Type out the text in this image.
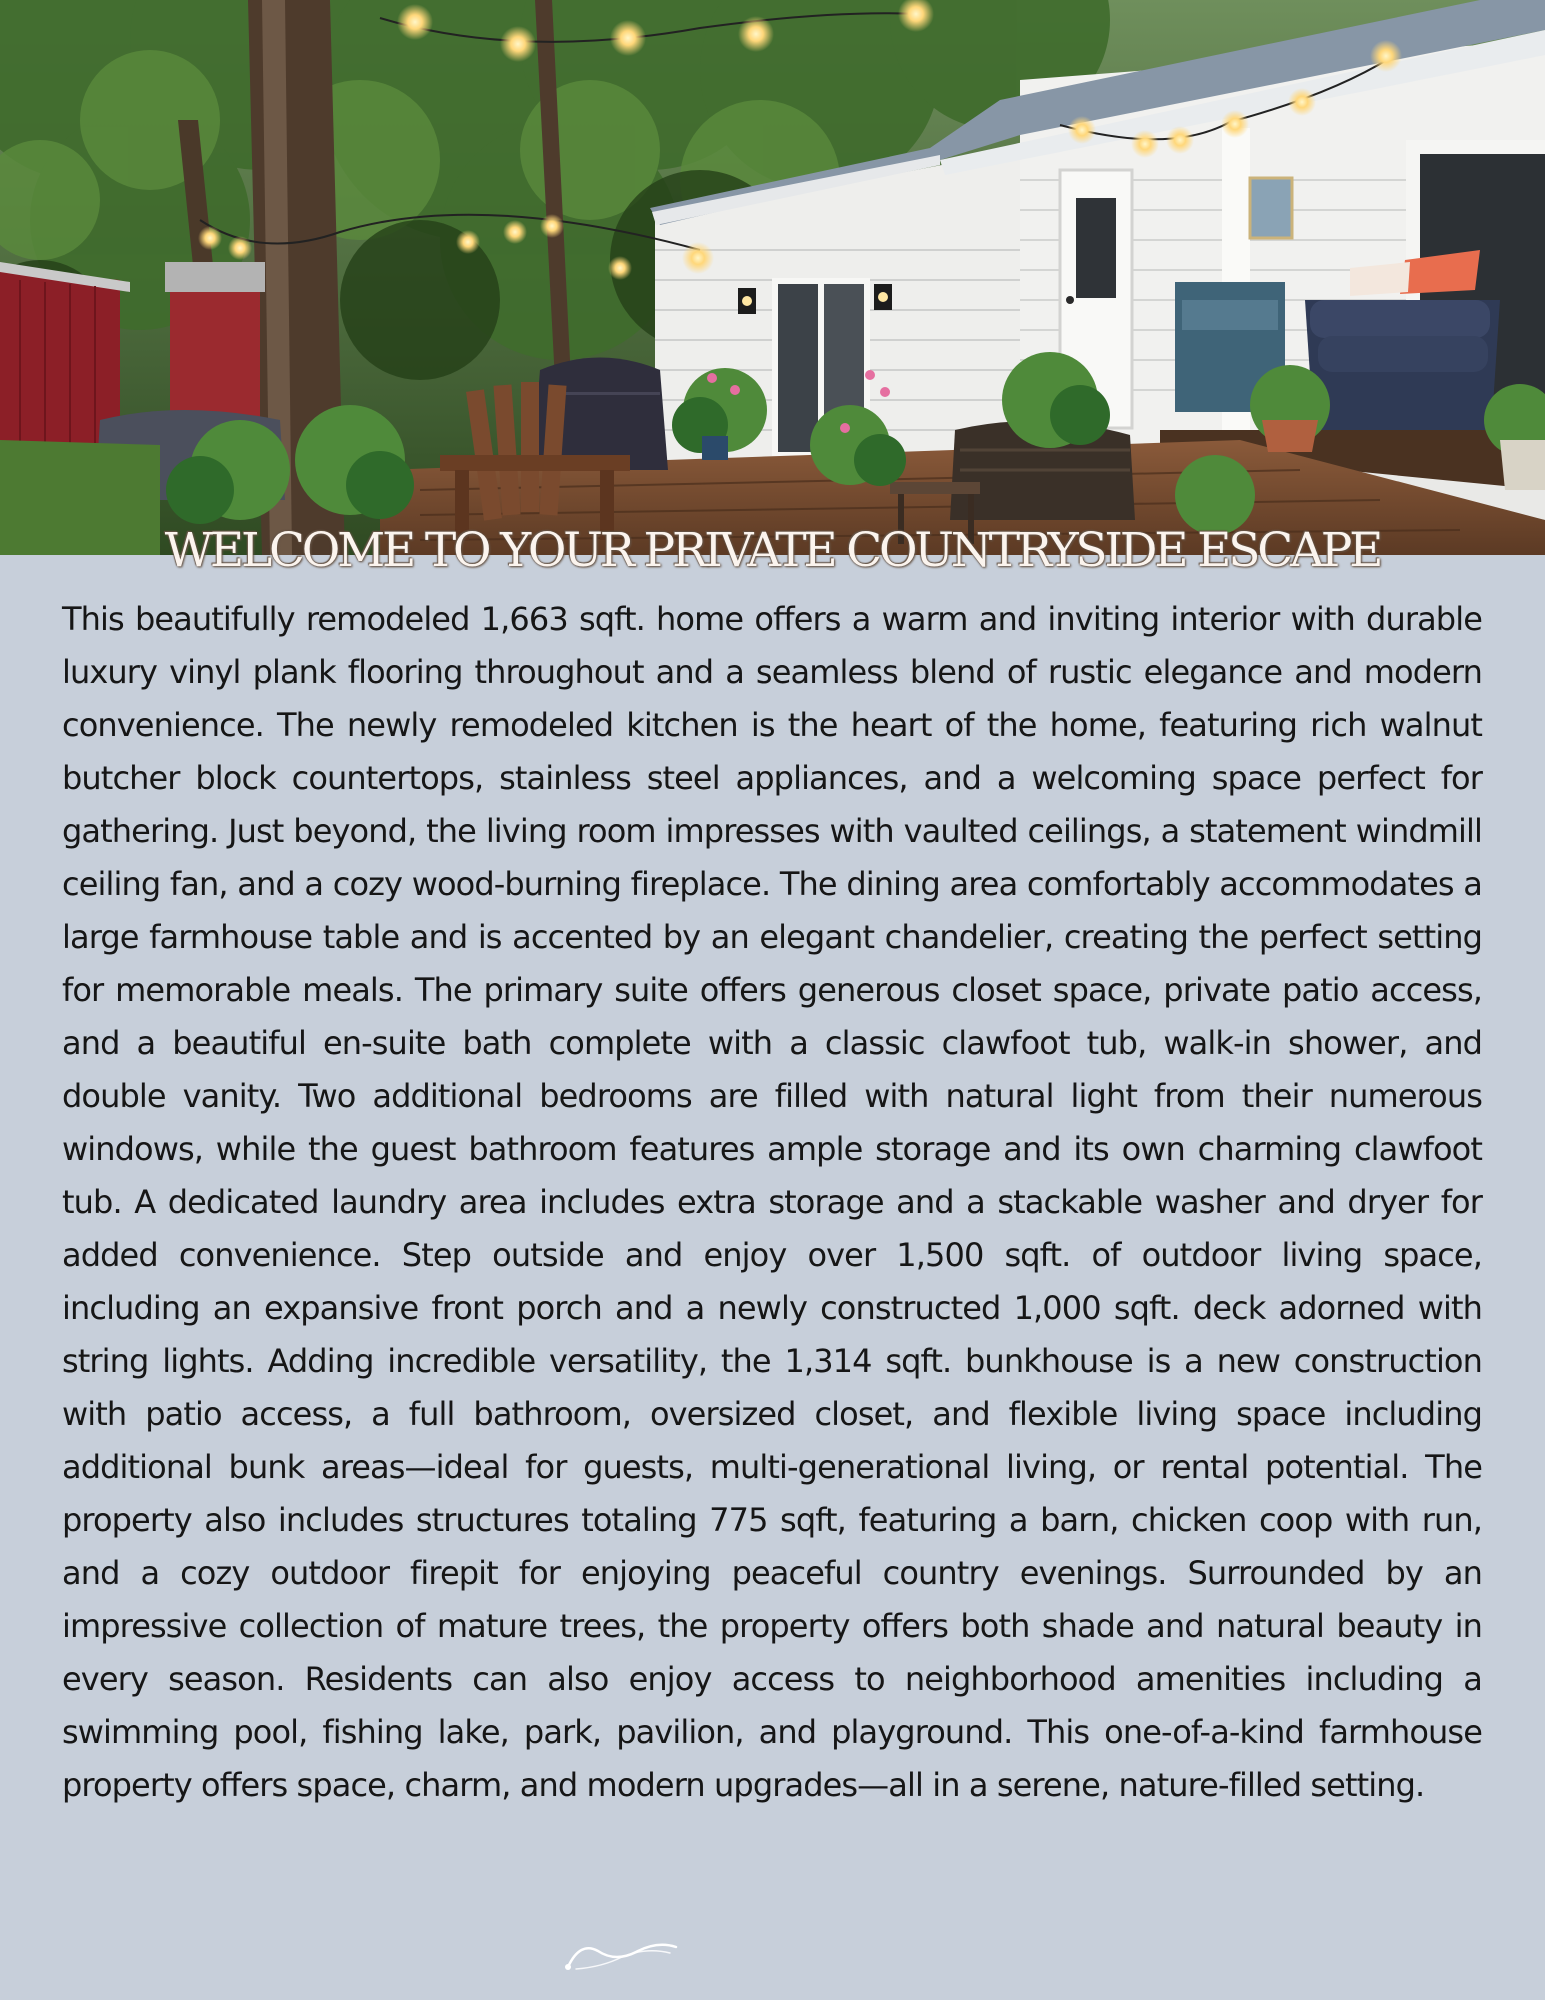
WELCOME TO YOUR PRIVATE COUNTRYSIDE ESCAPE

This beautifully remodeled 1,663 sqft. home offers a warm and inviting interior with durable luxury vinyl plank flooring throughout and a seamless blend of rustic elegance and modern convenience. The newly remodeled kitchen is the heart of the home, featuring rich walnut butcher block countertops, stainless steel appliances, and a welcoming space perfect for gathering. Just beyond, the living room impresses with vaulted ceilings, a statement windmill ceiling fan, and a cozy wood-burning fireplace. The dining area comfortably accommodates a large farmhouse table and is accented by an elegant chandelier, creating the perfect setting for memorable meals. The primary suite offers generous closet space, private patio access, and a beautiful en-suite bath complete with a classic clawfoot tub, walk-in shower, and double vanity. Two additional bedrooms are filled with natural light from their numerous windows, while the guest bathroom features ample storage and its own charming clawfoot tub. A dedicated laundry area includes extra storage and a stackable washer and dryer for added convenience. Step outside and enjoy over 1,500 sqft. of outdoor living space, including an expansive front porch and a newly constructed 1,000 sqft. deck adorned with string lights. Adding incredible versatility, the 1,314 sqft. bunkhouse is a new construction with patio access, a full bathroom, oversized closet, and flexible living space including additional bunk areas—ideal for guests, multi-generational living, or rental potential. The property also includes structures totaling 775 sqft, featuring a barn, chicken coop with run, and a cozy outdoor firepit for enjoying peaceful country evenings. Surrounded by an impressive collection of mature trees, the property offers both shade and natural beauty in every season. Residents can also enjoy access to neighborhood amenities including a swimming pool, fishing lake, park, pavilion, and playground. This one-of-a-kind farmhouse property offers space, charm, and modern upgrades—all in a serene, nature-filled setting.
